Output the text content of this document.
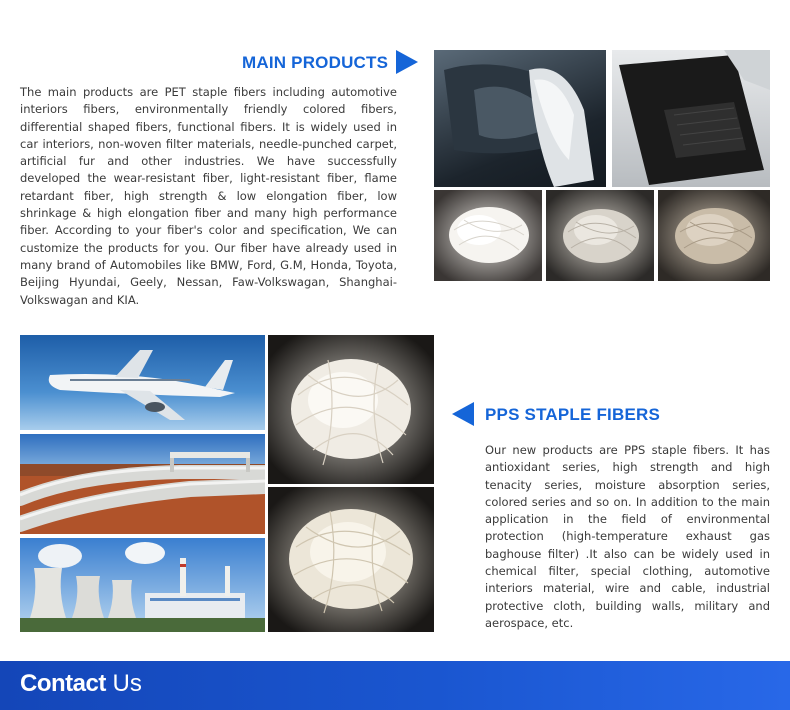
MAIN PRODUCTS

The main products are PET staple fibers including automotive interiors fibers, environmentally friendly colored fibers, differential shaped fibers, functional fibers. It is widely used in car interiors, non-woven filter materials, needle-punched carpet, artificial fur and other industries. We have successfully developed the wear-resistant fiber, light-resistant fiber, flame retardant fiber, high strength & low elongation fiber, low shrinkage & high elongation fiber and many high performance fiber. According to your fiber's color and specification, We can customize the products for you. Our fiber have already used in many brand of Automobiles like BMW, Ford, G.M, Honda, Toyota, Beijing Hyundai, Geely, Nessan, Faw-Volkswagan, Shanghai-Volkswagan and KIA.

PPS STAPLE FIBERS

Our new products are PPS staple fibers. It has antioxidant series, high strength and high tenacity series, moisture absorption series, colored series and so on. In addition to the main application in the field of environmental protection (high-temperature exhaust gas baghouse filter) .It also can be widely used in chemical filter, special clothing, automotive interiors material, wire and cable, industrial protective cloth, building walls, military and aerospace, etc.

Contact Us
